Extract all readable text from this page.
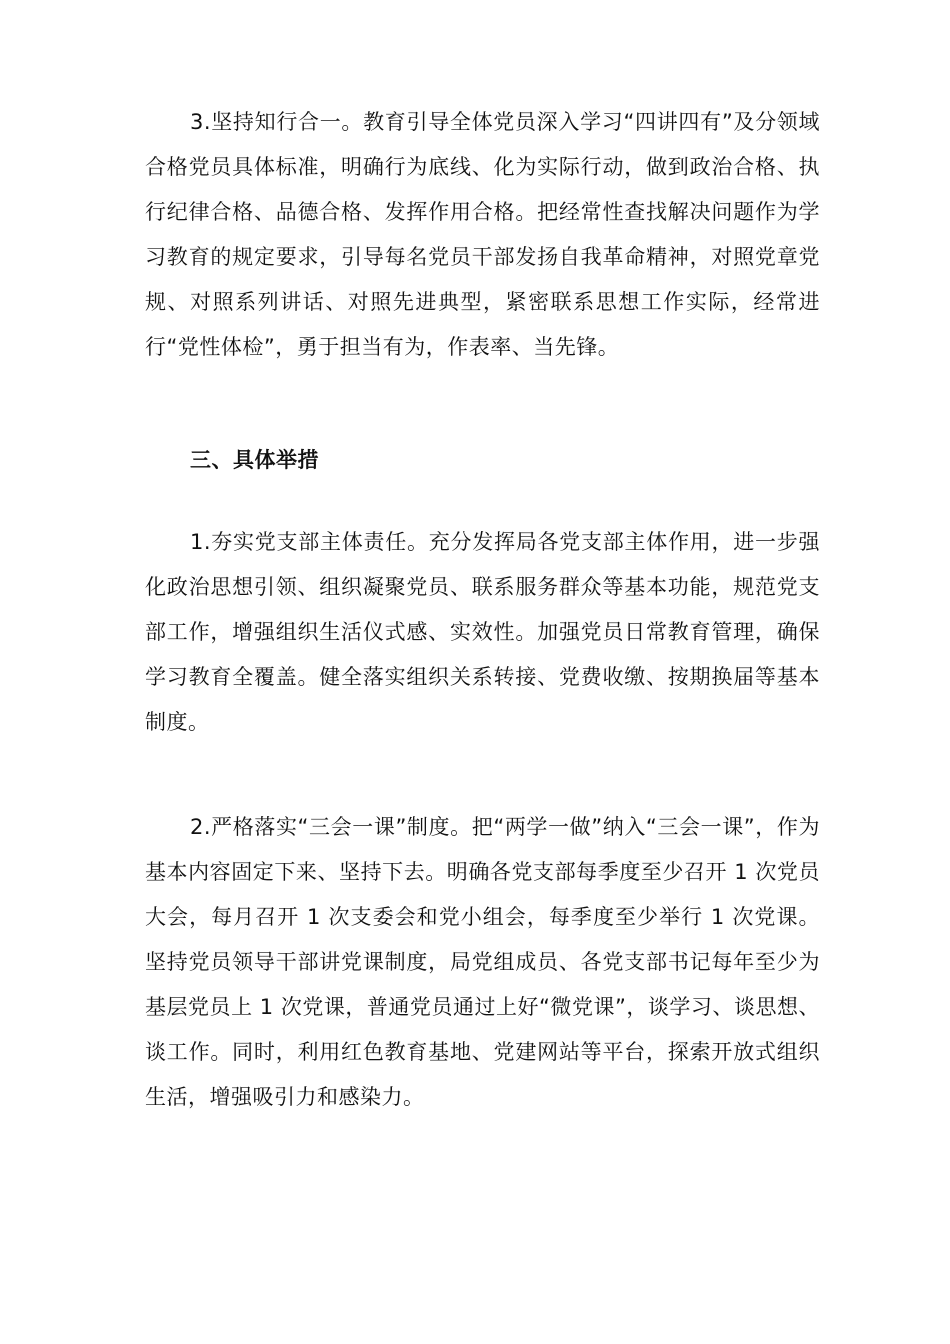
3.坚持知行合一。教育引导全体党员深入学习“四讲四有”及分领域合格党员具体标准，明确行为底线、化为实际行动，做到政治合格、执行纪律合格、品德合格、发挥作用合格。把经常性查找解决问题作为学习教育的规定要求，引导每名党员干部发扬自我革命精神，对照党章党规、对照系列讲话、对照先进典型，紧密联系思想工作实际，经常进行“党性体检”，勇于担当有为，作表率、当先锋。
三、具体举措
1.夯实党支部主体责任。充分发挥局各党支部主体作用，进一步强化政治思想引领、组织凝聚党员、联系服务群众等基本功能，规范党支部工作，增强组织生活仪式感、实效性。加强党员日常教育管理，确保学习教育全覆盖。健全落实组织关系转接、党费收缴、按期换届等基本制度。
2.严格落实“三会一课”制度。把“两学一做”纳入“三会一课”，作为基本内容固定下来、坚持下去。明确各党支部每季度至少召开 1 次党员大会，每月召开 1 次支委会和党小组会，每季度至少举行 1 次党课。坚持党员领导干部讲党课制度，局党组成员、各党支部书记每年至少为基层党员上 1 次党课，普通党员通过上好“微党课”，谈学习、谈思想、谈工作。同时，利用红色教育基地、党建网站等平台，探索开放式组织生活，增强吸引力和感染力。
